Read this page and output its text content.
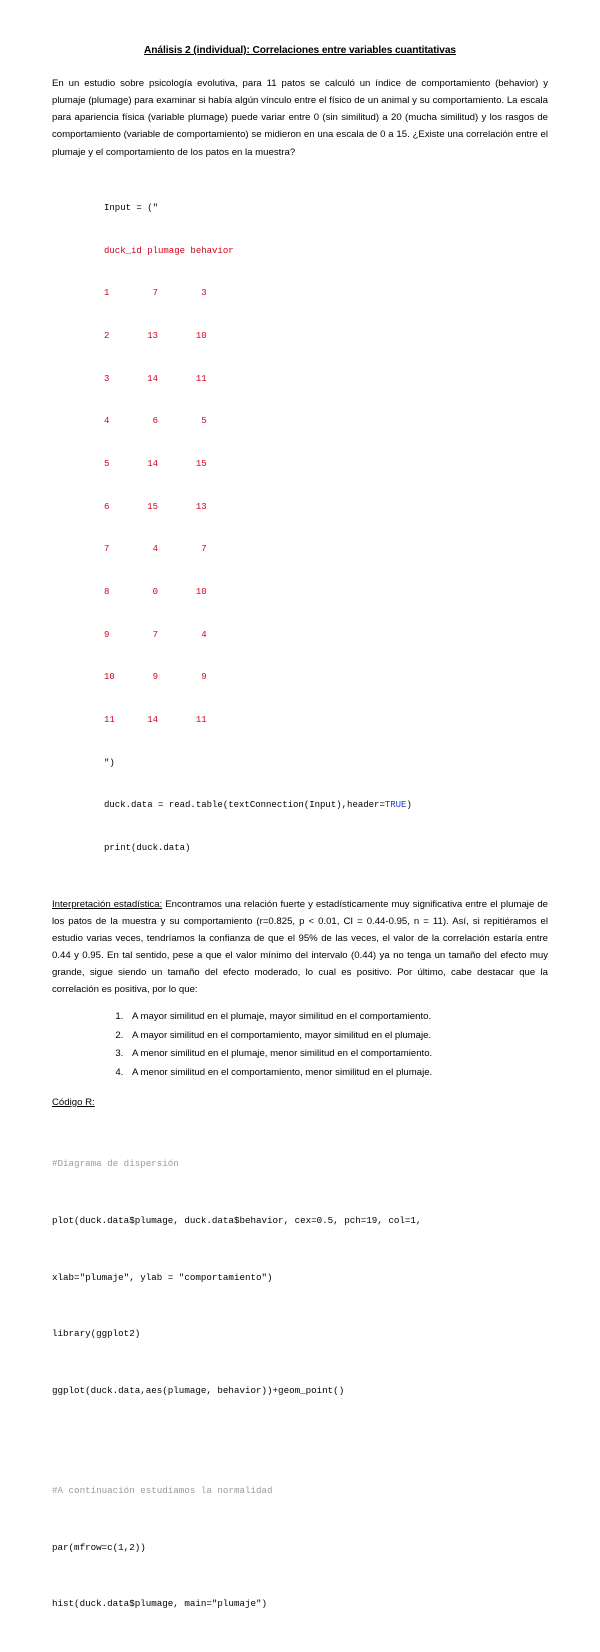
Análisis 2 (individual): Correlaciones entre variables cuantitativas

En un estudio sobre psicología evolutiva, para 11 patos se calculó un índice de comportamiento (behavior) y plumaje (plumage) para examinar si había algún vínculo entre el físico de un animal y su comportamiento. La escala para apariencia física (variable plumage) puede variar entre 0 (sin similitud) a 20 (mucha similitud) y los rasgos de comportamiento (variable de comportamiento) se midieron en una escala de 0 a 15. ¿Existe una correlación entre el plumaje y el comportamiento de los patos en la muestra?

Input = ("

duck_id plumage behavior

1        7        3

2       13       10

3       14       11

4        6        5

5       14       15

6       15       13

7        4        7

8        0       10

9        7        4

10       9        9

11      14       11

")

duck.data = read.table(textConnection(Input),header=TRUE)

print(duck.data)

Interpretación estadística: Encontramos una relación fuerte y estadísticamente muy significativa entre el plumaje de los patos de la muestra y su comportamiento (r=0.825, p < 0.01, CI = 0.44-0.95, n = 11). Así, si repitiéramos el estudio varias veces, tendríamos la confianza de que el 95% de las veces, el valor de la correlación estaría entre 0.44 y 0.95. En tal sentido, pese a que el valor mínimo del intervalo (0.44) ya no tenga un tamaño del efecto muy grande, sigue siendo un tamaño del efecto moderado, lo cual es positivo. Por último, cabe destacar que la correlación es positiva, por lo que:

1. A mayor similitud en el plumaje, mayor similitud en el comportamiento.
2. A mayor similitud en el comportamiento, mayor similitud en el plumaje.
3. A menor similitud en el plumaje, menor similitud en el comportamiento.
4. A menor similitud en el comportamiento, menor similitud en el plumaje.
Código R:

#Diagrama de dispersión

plot(duck.data$plumage, duck.data$behavior, cex=0.5, pch=19, col=1,

xlab="plumaje", ylab = "comportamiento")

library(ggplot2)

ggplot(duck.data,aes(plumage, behavior))+geom_point()

#A continuación estudiamos la normalidad

par(mfrow=c(1,2))

hist(duck.data$plumage, main="plumaje")
